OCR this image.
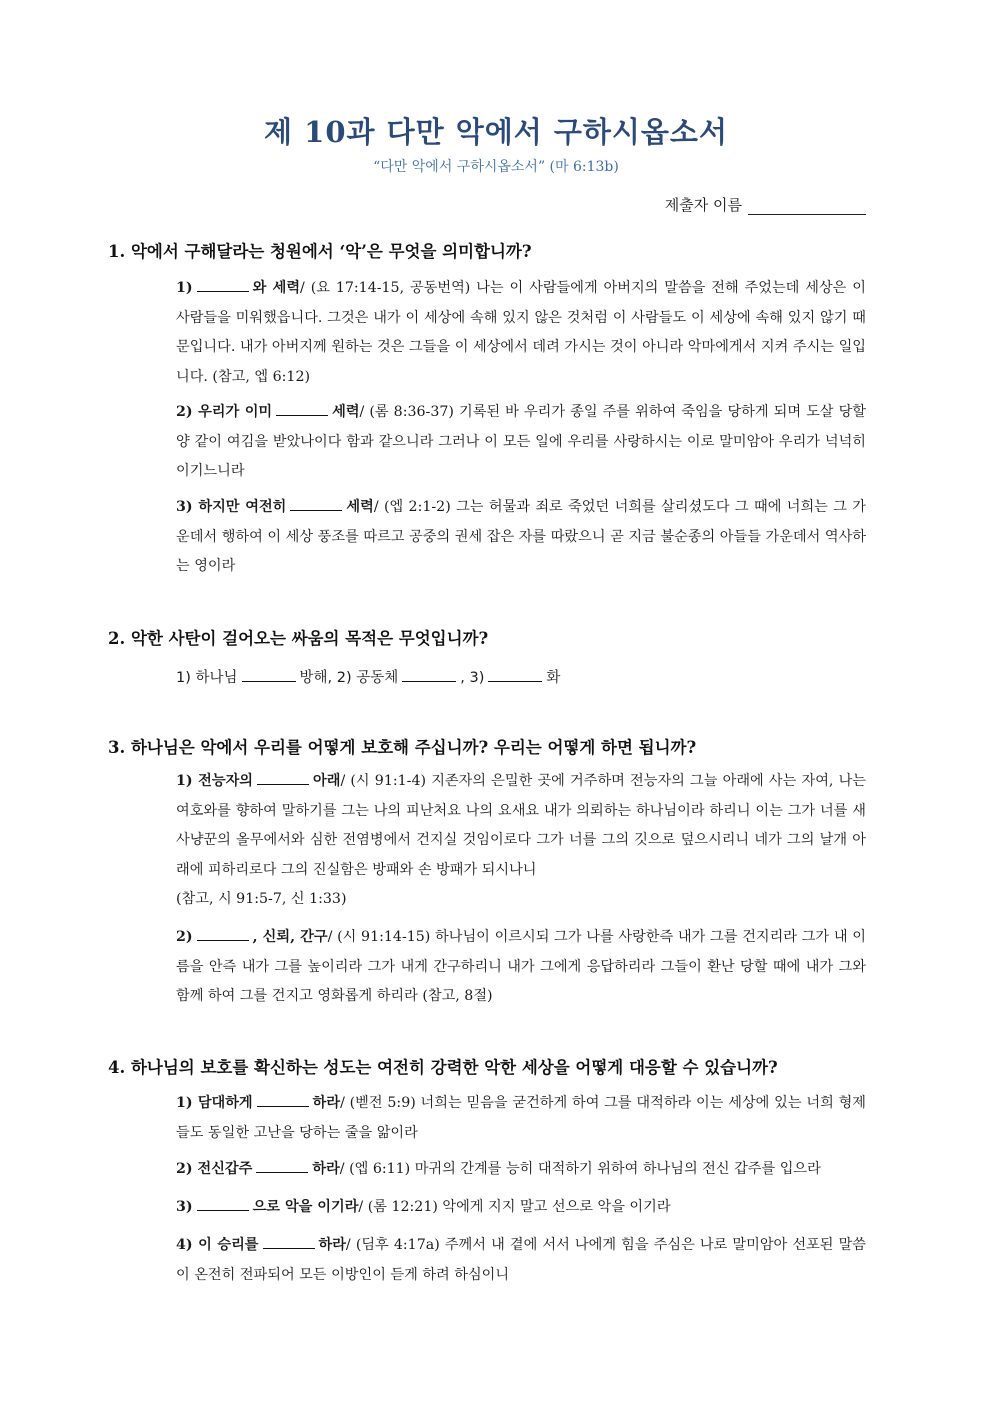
제 10과 다만 악에서 구하시옵소서
“다만 악에서 구하시옵소서” (마 6:13b)
제출자 이름
1. 악에서 구해달라는 청원에서 ‘악’은 무엇을 의미합니까?
1)	와 세력/ (요 17:14-15, 공동번역) 나는 이 사람들에게 아버지의 말씀을 전해 주었는데 세상은 이 사람들을 미워했읍니다. 그것은 내가 이 세상에 속해 있지 않은 것처럼 이 사람들도 이 세상에 속해 있지 않기 때문입니다. 내가 아버지께 원하는 것은 그들을 이 세상에서 데려 가시는 것이 아니라 악마에게서 지켜 주시는 일입니다. (참고, 엡 6:12)
2) 우리가 이미	세력/ (롬 8:36-37) 기록된 바 우리가 종일 주를 위하여 죽임을 당하게 되며 도살 당할 양 같이 여김을 받았나이다 함과 같으니라 그러나 이 모든 일에 우리를 사랑하시는 이로 말미암아 우리가 넉넉히 이기느니라
3) 하지만 여전히	세력/ (엡 2:1-2) 그는 허물과 죄로 죽었던 너희를 살리셨도다 그 때에 너희는 그 가운데서 행하여 이 세상 풍조를 따르고 공중의 권세 잡은 자를 따랐으니 곧 지금 불순종의 아들들 가운데서 역사하는 영이라
2. 악한 사탄이 걸어오는 싸움의 목적은 무엇입니까?
1) 하나님	방해, 2) 공동체	, 3)	화
3. 하나님은 악에서 우리를 어떻게 보호해 주십니까? 우리는 어떻게 하면 됩니까?
1) 전능자의	아래/ (시 91:1-4) 지존자의 은밀한 곳에 거주하며 전능자의 그늘 아래에 사는 자여, 나는 여호와를 향하여 말하기를 그는 나의 피난처요 나의 요새요 내가 의뢰하는 하나님이라 하리니 이는 그가 너를 새 사냥꾼의 올무에서와 심한 전염병에서 건지실 것임이로다 그가 너를 그의 깃으로 덮으시리니 네가 그의 날개 아래에 피하리로다 그의 진실함은 방패와 손 방패가 되시나니
(참고, 시 91:5-7, 신 1:33)
2)	, 신뢰, 간구/ (시 91:14-15) 하나님이 이르시되 그가 나를 사랑한즉 내가 그를 건지리라 그가 내 이름을 안즉 내가 그를 높이리라 그가 내게 간구하리니 내가 그에게 응답하리라 그들이 환난 당할 때에 내가 그와 함께 하여 그를 건지고 영화롭게 하리라 (참고, 8절)
4. 하나님의 보호를 확신하는 성도는 여전히 강력한 악한 세상을 어떻게 대응할 수 있습니까?
1) 담대하게	하라/ (벧전 5:9) 너희는 믿음을 굳건하게 하여 그를 대적하라 이는 세상에 있는 너희 형제들도 동일한 고난을 당하는 줄을 앎이라
2) 전신갑주	하라/ (엡 6:11) 마귀의 간계를 능히 대적하기 위하여 하나님의 전신 갑주를 입으라
3)	으로 악을 이기라/ (롬 12:21) 악에게 지지 말고 선으로 악을 이기라
4) 이 승리를	하라/ (딤후 4:17a) 주께서 내 곁에 서서 나에게 힘을 주심은 나로 말미암아 선포된 말씀이 온전히 전파되어 모든 이방인이 듣게 하려 하심이니
